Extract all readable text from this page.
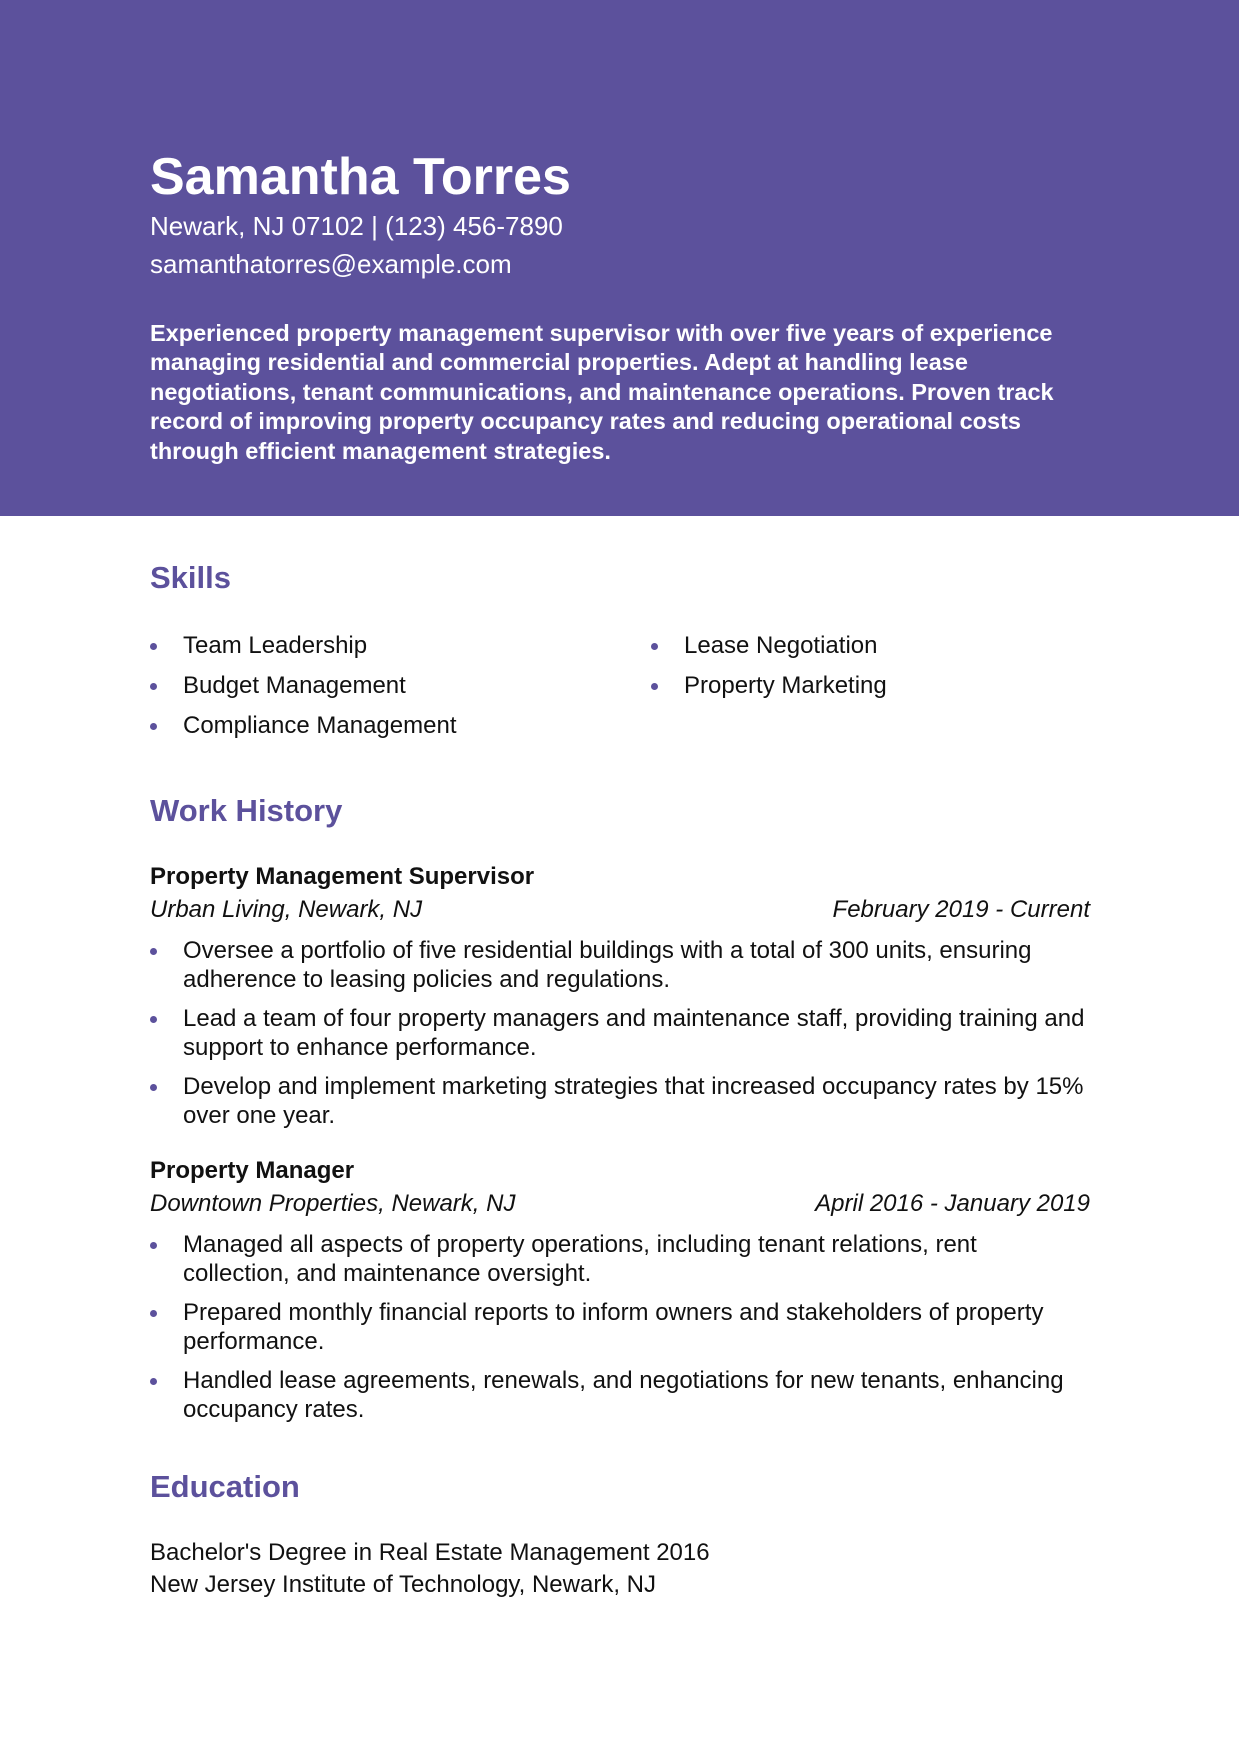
Samantha Torres
Newark, NJ 07102 | (123) 456-7890
samanthatorres@example.com

Experienced property management supervisor with over five years of experience managing residential and commercial properties. Adept at handling lease negotiations, tenant communications, and maintenance operations. Proven track record of improving property occupancy rates and reducing operational costs through efficient management strategies.

Skills
Team Leadership
Budget Management
Compliance Management
Lease Negotiation
Property Marketing
Work History
Property Management Supervisor
Urban Living, Newark, NJ	February 2019 - Current
Oversee a portfolio of five residential buildings with a total of 300 units, ensuring adherence to leasing policies and regulations.
Lead a team of four property managers and maintenance staff, providing training and support to enhance performance.
Develop and implement marketing strategies that increased occupancy rates by 15% over one year.
Property Manager
Downtown Properties, Newark, NJ	April 2016 - January 2019
Managed all aspects of property operations, including tenant relations, rent collection, and maintenance oversight.
Prepared monthly financial reports to inform owners and stakeholders of property performance.
Handled lease agreements, renewals, and negotiations for new tenants, enhancing occupancy rates.
Education
Bachelor's Degree in Real Estate Management 2016
New Jersey Institute of Technology, Newark, NJ
